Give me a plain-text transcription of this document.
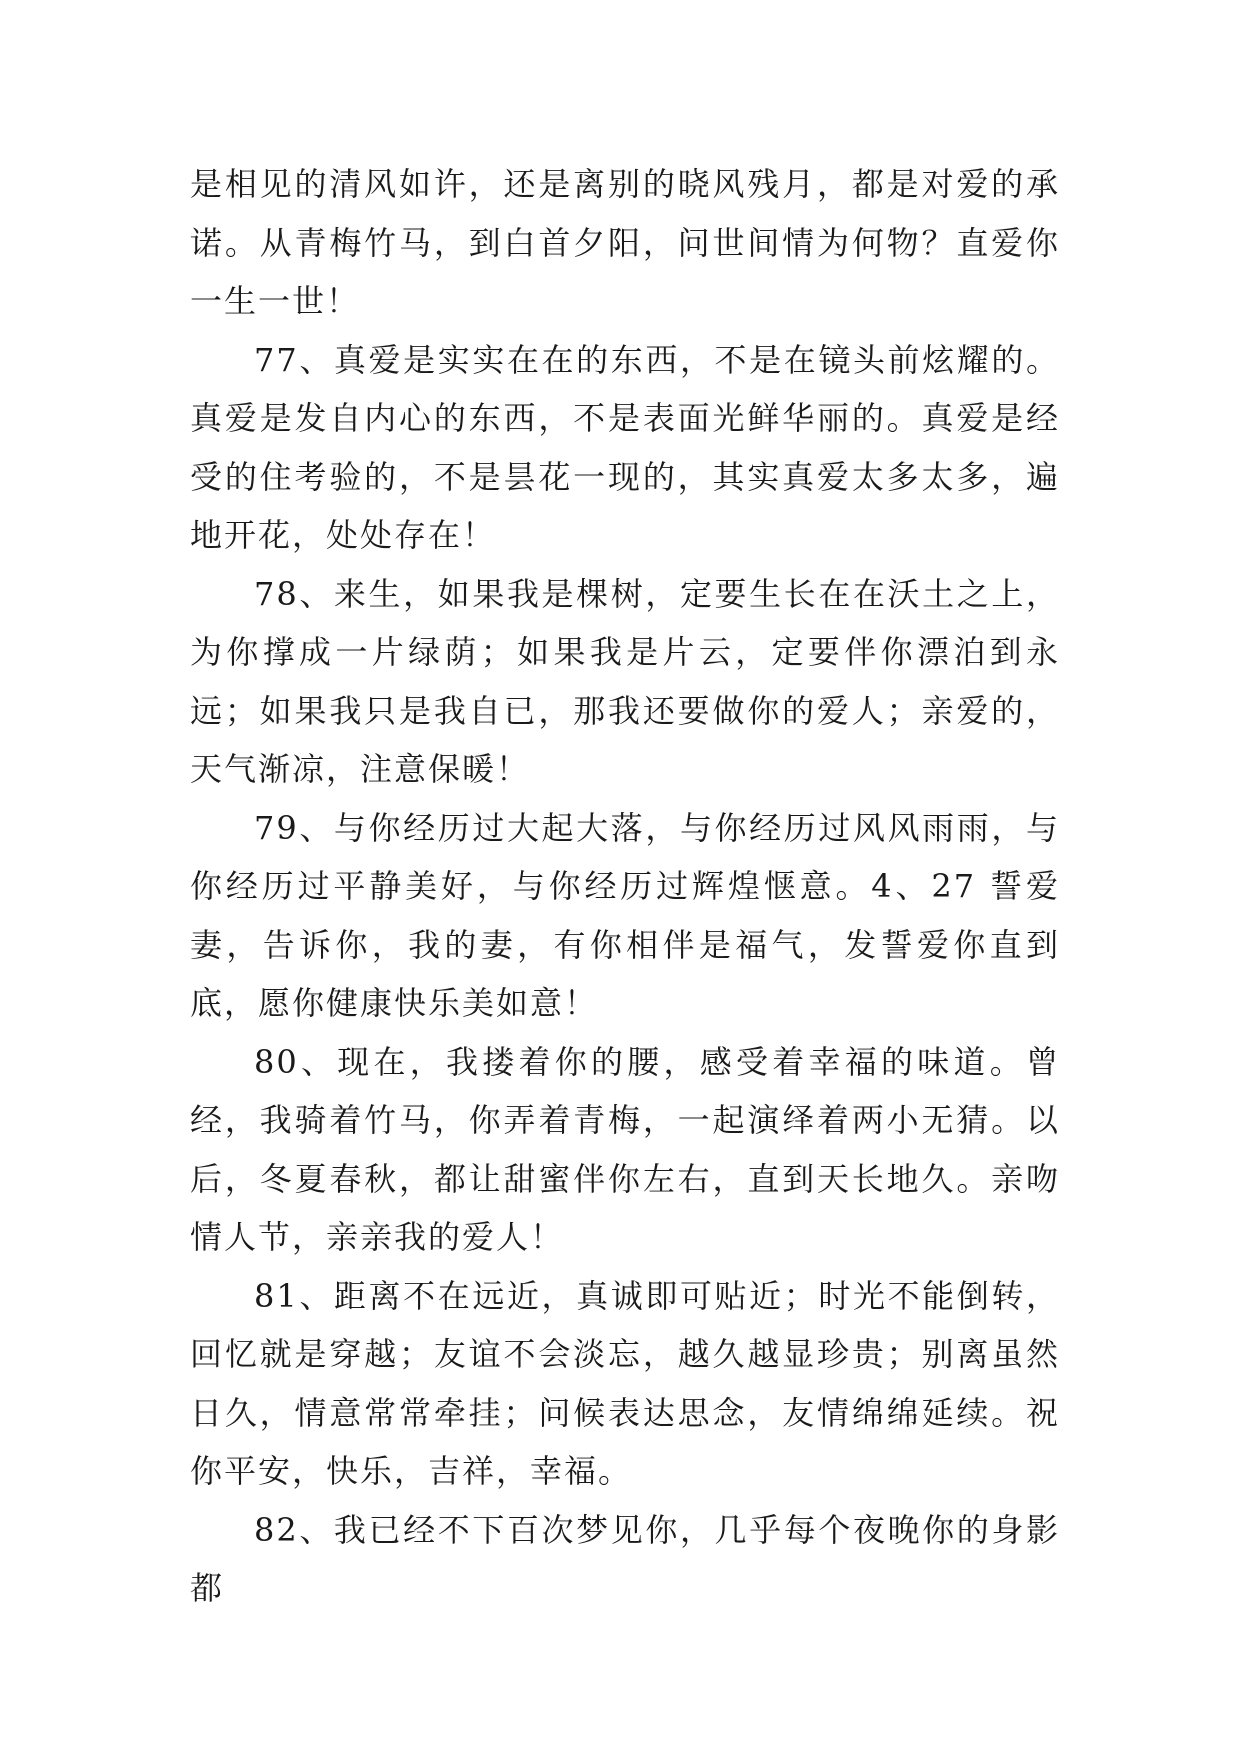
是相见的清风如许，还是离别的晓风残月，都是对爱的承诺。从青梅竹马，到白首夕阳，问世间情为何物？直爱你一生一世！

77、真爱是实实在在的东西，不是在镜头前炫耀的。真爱是发自内心的东西，不是表面光鲜华丽的。真爱是经受的住考验的，不是昙花一现的，其实真爱太多太多，遍地开花，处处存在！

78、来生，如果我是棵树，定要生长在在沃土之上，为你撑成一片绿荫；如果我是片云，定要伴你漂泊到永远；如果我只是我自已，那我还要做你的爱人；亲爱的，天气渐凉，注意保暖！

79、与你经历过大起大落，与你经历过风风雨雨，与你经历过平静美好，与你经历过辉煌惬意。4、27 誓爱妻，告诉你，我的妻，有你相伴是福气，发誓爱你直到底，愿你健康快乐美如意！

80、现在，我搂着你的腰，感受着幸福的味道。曾经，我骑着竹马，你弄着青梅，一起演绎着两小无猜。以后，冬夏春秋，都让甜蜜伴你左右，直到天长地久。亲吻情人节，亲亲我的爱人！

81、距离不在远近，真诚即可贴近；时光不能倒转，回忆就是穿越；友谊不会淡忘，越久越显珍贵；别离虽然日久，情意常常牵挂；问候表达思念，友情绵绵延续。祝你平安，快乐，吉祥，幸福。

82、我已经不下百次梦见你，几乎每个夜晚你的身影都
